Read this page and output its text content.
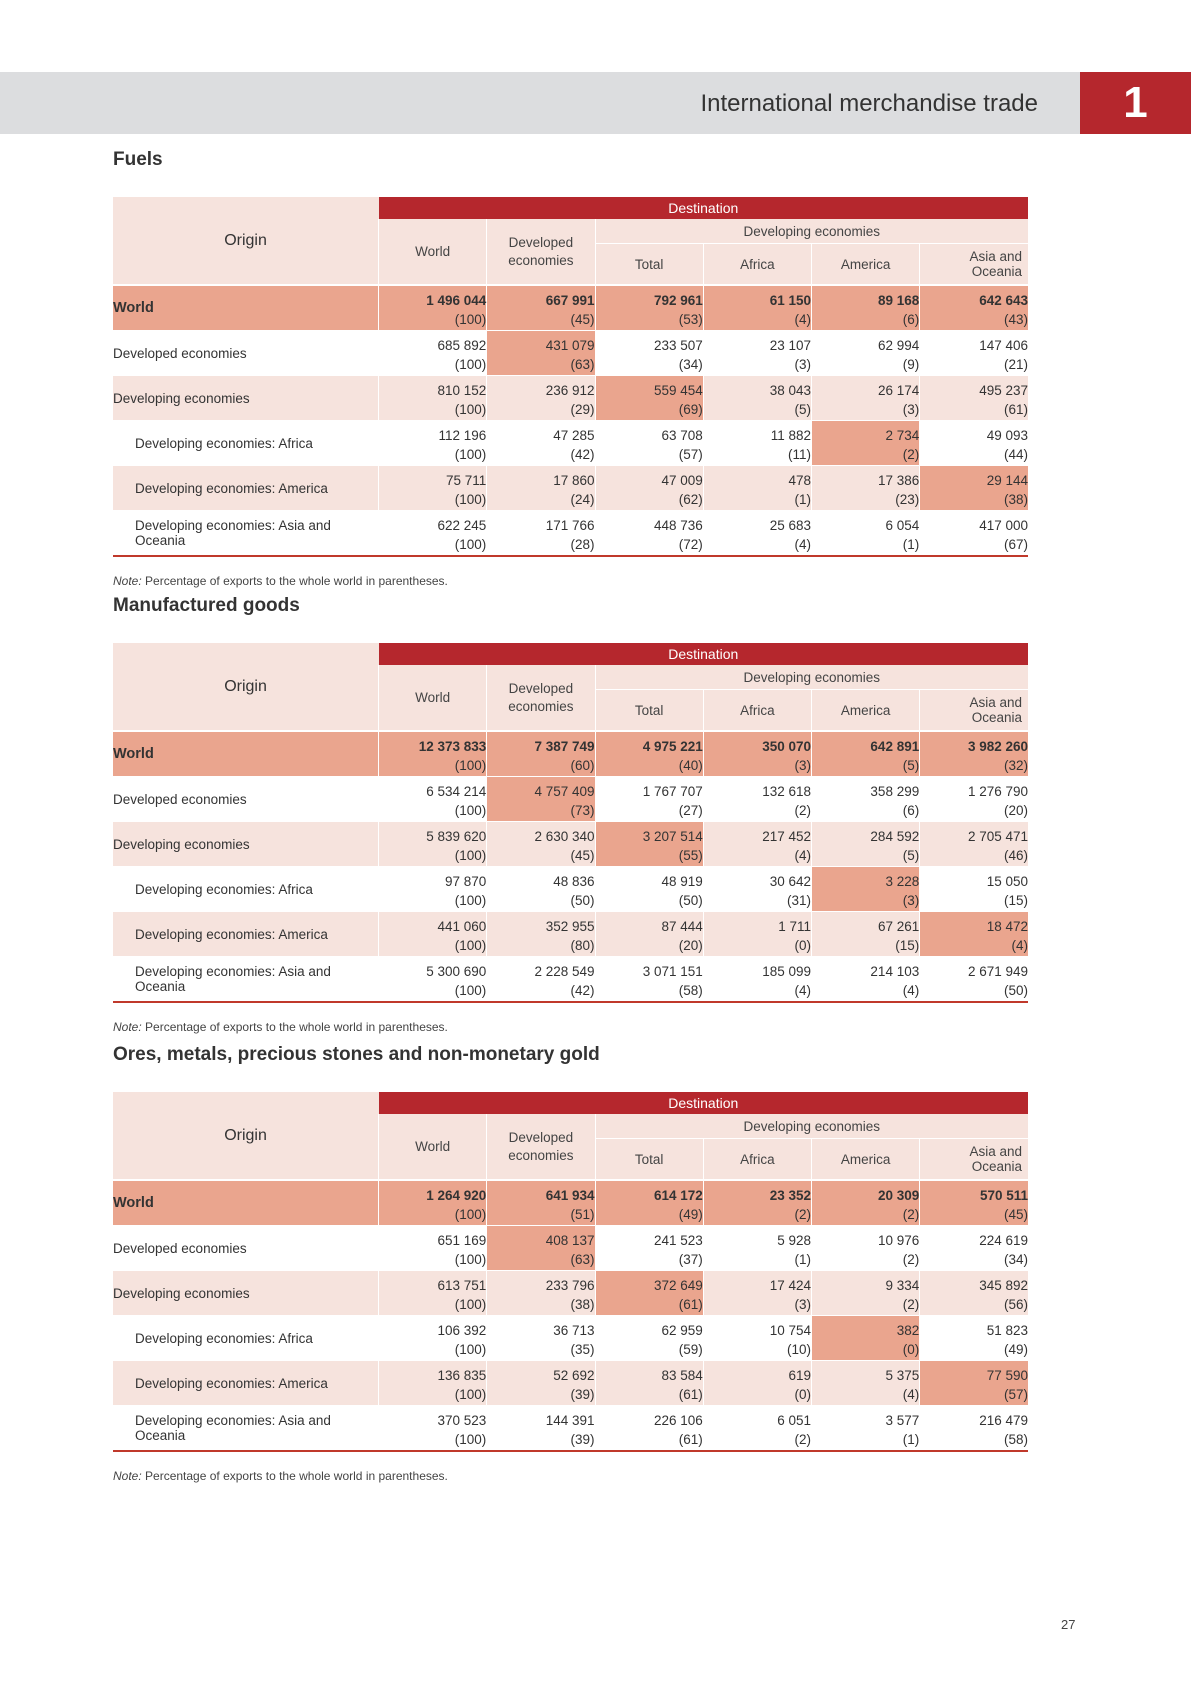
International merchandise trade	1
Fuels
Origin	Destination					
	World	Developed
economies	Developing economies			
			Total	Africa	America	Asia and Oceania
World	1 496 044	667 991	792 961	61 150	89 168	642 643
	(100)	(45)	(53)	(4)	(6)	(43)
Developed economies	685 892	431 079	233 507	23 107	62 994	147 406
	(100)	(63)	(34)	(3)	(9)	(21)
Developing economies	810 152	236 912	559 454	38 043	26 174	495 237
	(100)	(29)	(69)	(5)	(3)	(61)
Developing economies: Africa	112 196	47 285	63 708	11 882	2 734	49 093
	(100)	(42)	(57)	(11)	(2)	(44)
Developing economies: America	75 711	17 860	47 009	478	17 386	29 144
	(100)	(24)	(62)	(1)	(23)	(38)
Developing economies: Asia and Oceania	622 245	171 766	448 736	25 683	6 054	417 000
	(100)	(28)	(72)	(4)	(1)	(67)
Note: Percentage of exports to the whole world in parentheses.
Manufactured goods
Origin	Destination					
	World	Developed
economies	Developing economies			
			Total	Africa	America	Asia and Oceania
World	12 373 833	7 387 749	4 975 221	350 070	642 891	3 982 260
	(100)	(60)	(40)	(3)	(5)	(32)
Developed economies	6 534 214	4 757 409	1 767 707	132 618	358 299	1 276 790
	(100)	(73)	(27)	(2)	(6)	(20)
Developing economies	5 839 620	2 630 340	3 207 514	217 452	284 592	2 705 471
	(100)	(45)	(55)	(4)	(5)	(46)
Developing economies: Africa	97 870	48 836	48 919	30 642	3 228	15 050
	(100)	(50)	(50)	(31)	(3)	(15)
Developing economies: America	441 060	352 955	87 444	1 711	67 261	18 472
	(100)	(80)	(20)	(0)	(15)	(4)
Developing economies: Asia and Oceania	5 300 690	2 228 549	3 071 151	185 099	214 103	2 671 949
	(100)	(42)	(58)	(4)	(4)	(50)
Note: Percentage of exports to the whole world in parentheses.
Ores, metals, precious stones and non-monetary gold
Origin	Destination					
	World	Developed
economies	Developing economies			
			Total	Africa	America	Asia and Oceania
World	1 264 920	641 934	614 172	23 352	20 309	570 511
	(100)	(51)	(49)	(2)	(2)	(45)
Developed economies	651 169	408 137	241 523	5 928	10 976	224 619
	(100)	(63)	(37)	(1)	(2)	(34)
Developing economies	613 751	233 796	372 649	17 424	9 334	345 892
	(100)	(38)	(61)	(3)	(2)	(56)
Developing economies: Africa	106 392	36 713	62 959	10 754	382	51 823
	(100)	(35)	(59)	(10)	(0)	(49)
Developing economies: America	136 835	52 692	83 584	619	5 375	77 590
	(100)	(39)	(61)	(0)	(4)	(57)
Developing economies: Asia and Oceania	370 523	144 391	226 106	6 051	3 577	216 479
	(100)	(39)	(61)	(2)	(1)	(58)
Note: Percentage of exports to the whole world in parentheses.
27
